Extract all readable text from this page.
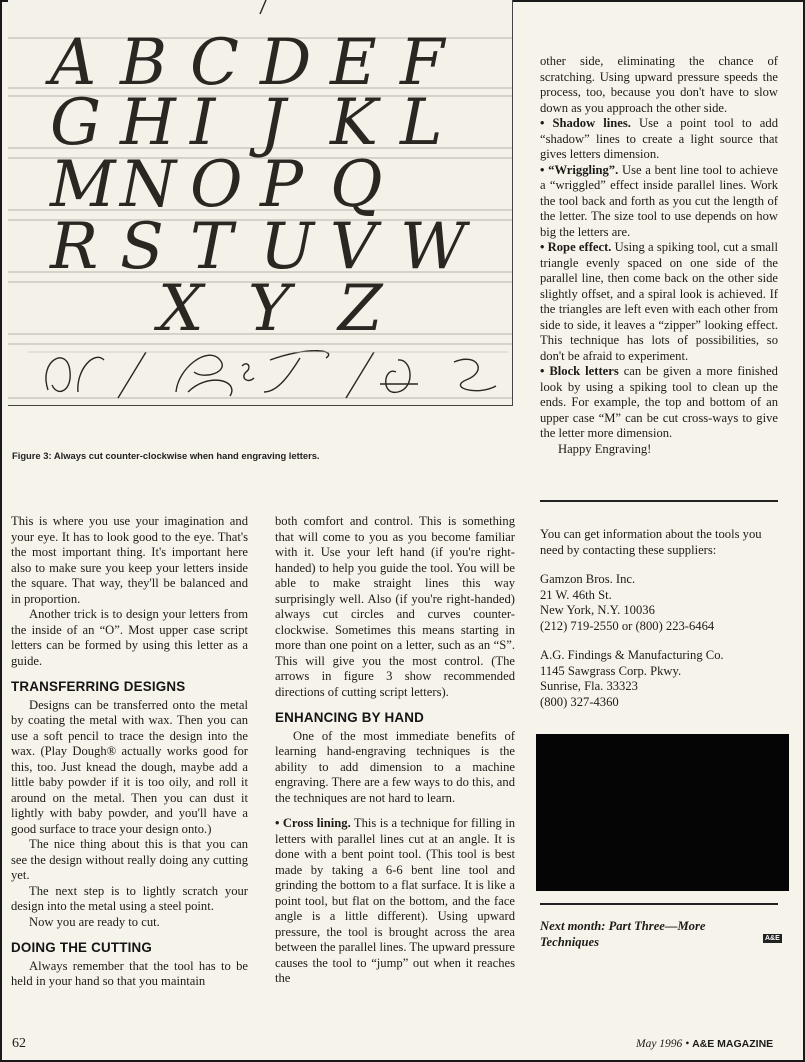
A B C D E F
G H I J K L
M N O P Q
R S T U V W
X Y Z
Figure 3: Always cut counter-clockwise when hand engraving letters.

This is where you use your imagination and your eye. It has to look good to the eye. That's the most important thing. It's important here also to make sure you keep your letters inside the square. That way, they'll be balanced and in proportion.

Another trick is to design your letters from the inside of an “O”. Most upper case script letters can be formed by using this letter as a guide.

TRANSFERRING DESIGNS

Designs can be transferred onto the metal by coating the metal with wax. Then you can use a soft pencil to trace the design into the wax. (Play Dough® actually works good for this, too. Just knead the dough, maybe add a little baby powder if it is too oily, and roll it around on the metal. Then you can dust it lightly with baby powder, and you'll have a good surface to trace your design onto.)

The nice thing about this is that you can see the design without really doing any cutting yet.

The next step is to lightly scratch your design into the metal using a steel point.

Now you are ready to cut.

DOING THE CUTTING

Always remember that the tool has to be held in your hand so that you maintain

both comfort and control. This is something that will come to you as you become familiar with it. Use your left hand (if you're right-handed) to help you guide the tool. You will be able to make straight lines this way surprisingly well. Also (if you're right-handed) always cut circles and curves counter-clockwise. Sometimes this means starting in more than one point on a letter, such as an “S”. This will give you the most control. (The arrows in figure 3 show recommended directions of cutting script letters).

ENHANCING BY HAND

One of the most immediate benefits of learning hand-engraving techniques is the ability to add dimension to a machine engraving. There are a few ways to do this, and the techniques are not hard to learn.

• Cross lining. This is a technique for filling in letters with parallel lines cut at an angle. It is done with a bent point tool. (This tool is best made by taking a 6-6 bent line tool and grinding the bottom to a flat surface. It is like a point tool, but flat on the bottom, and the face angle is a little different). Using upward pressure, the tool is brought across the area between the parallel lines. The upward pressure causes the tool to “jump” out when it reaches the

other side, eliminating the chance of scratching. Using upward pressure speeds the process, too, because you don't have to slow down as you approach the other side.

• Shadow lines. Use a point tool to add “shadow” lines to create a light source that gives letters dimension.

• “Wriggling”. Use a bent line tool to achieve a “wriggled” effect inside parallel lines. Work the tool back and forth as you cut the length of the letter. The size tool to use depends on how big the letters are.

• Rope effect. Using a spiking tool, cut a small triangle evenly spaced on one side of the parallel line, then come back on the other side slightly offset, and a spiral look is achieved. If the triangles are left even with each other from side to side, it leaves a “zipper” looking effect. This technique has lots of possibilities, so don't be afraid to experiment.

• Block letters can be given a more finished look by using a spiking tool to clean up the ends. For example, the top and bottom of an upper case “M” can be cut cross-ways to give the letter more dimension.

Happy Engraving!

You can get information about the tools you need by contacting these suppliers:

Gamzon Bros. Inc.

21 W. 46th St.

New York, N.Y. 10036

(212) 719-2550 or (800) 223-6464

A.G. Findings & Manufacturing Co.

1145 Sawgrass Corp. Pkwy.

Sunrise, Fla. 33323

(800) 327-4360

Next month: Part Three—More Techniques	A&E
62	May 1996 • A&E MAGAZINE
